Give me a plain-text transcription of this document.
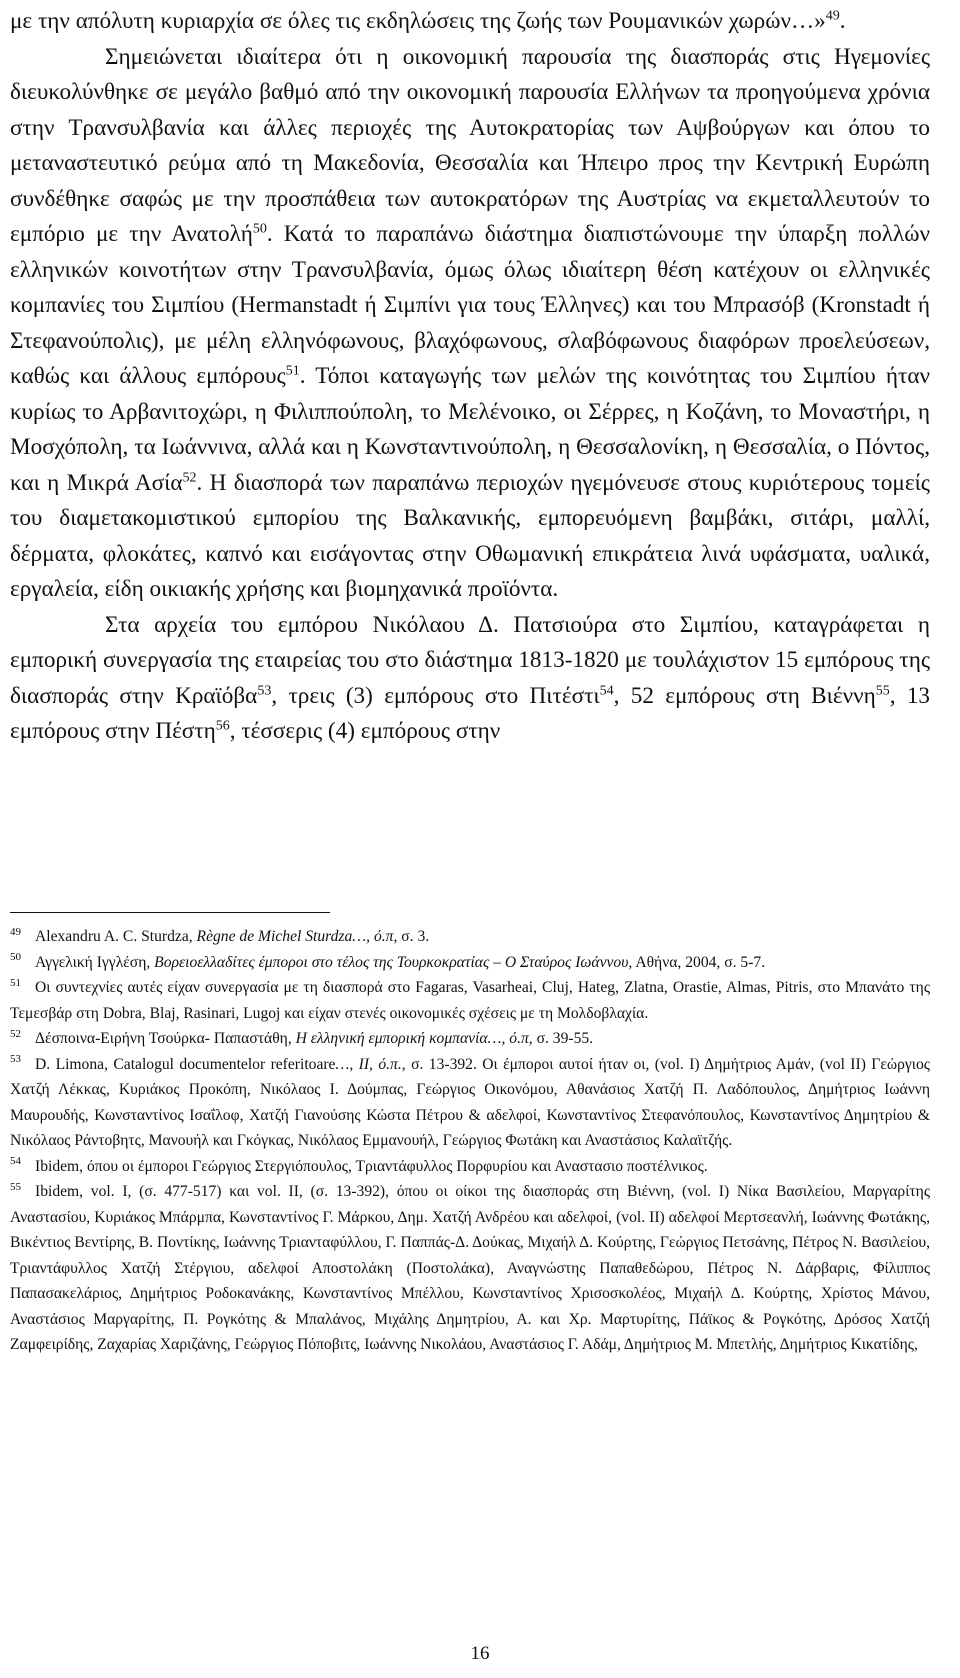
με την απόλυτη κυριαρχία σε όλες τις εκδηλώσεις της ζωής των Ρουμανικών χωρών…»$^{49}$.

Σημειώνεται ιδιαίτερα ότι η οικονομική παρουσία της διασποράς στις Ηγεμονίες διευκολύνθηκε σε μεγάλο βαθμό από την οικονομική παρουσία Ελλήνων τα προηγούμενα χρόνια στην Τρανσυλβανία και άλλες περιοχές της Αυτοκρατορίας των Αψβούργων και όπου το μεταναστευτικό ρεύμα από τη Μακεδονία, Θεσσαλία και Ήπειρο προς την Κεντρική Ευρώπη συνδέθηκε σαφώς με την προσπάθεια των αυτοκρατόρων της Αυστρίας να εκμεταλλευτούν το εμπόριο με την Ανατολή$^{50}$. Κατά το παραπάνω διάστημα διαπιστώνουμε την ύπαρξη πολλών ελληνικών κοινοτήτων στην Τρανσυλβανία, όμως όλως ιδιαίτερη θέση κατέχουν οι ελληνικές κομπανίες του Σιμπίου (Hermanstadt ή Σιμπίνι για τους Έλληνες) και του Μπρασόβ (Kronstadt ή Στεφανούπολις), με μέλη ελληνόφωνους, βλαχόφωνους, σλαβόφωνους διαφόρων προελεύσεων, καθώς και άλλους εμπόρους$^{51}$. Τόποι καταγωγής των μελών της κοινότητας του Σιμπίου ήταν κυρίως το Αρβανιτοχώρι, η Φιλιππούπολη, το Μελένοικο, οι Σέρρες, η Κοζάνη, το Μοναστήρι, η Μοσχόπολη, τα Ιωάννινα, αλλά και η Κωνσταντινούπολη, η Θεσσαλονίκη, η Θεσσαλία, ο Πόντος, και η Μικρά Ασία$^{52}$. Η διασπορά των παραπάνω περιοχών ηγεμόνευσε στους κυριότερους τομείς του διαμετακομιστικού εμπορίου της Βαλκανικής, εμπορευόμενη βαμβάκι, σιτάρι, μαλλί, δέρματα, φλοκάτες, καπνό και εισάγοντας στην Οθωμανική επικράτεια λινά υφάσματα, υαλικά, εργαλεία, είδη οικιακής χρήσης και βιομηχανικά προϊόντα.

Στα αρχεία του εμπόρου Νικόλαου Δ. Πατσιούρα στο Σιμπίου, καταγράφεται η εμπορική συνεργασία της εταιρείας του στο διάστημα 1813-1820 με τουλάχιστον 15 εμπόρους της διασποράς στην Κραϊόβα$^{53}$, τρεις (3) εμπόρους στο Πιτέστι$^{54}$, 52 εμπόρους στη Βιέννη$^{55}$, 13 εμπόρους στην Πέστη$^{56}$, τέσσερις (4) εμπόρους στην

$^{49}$ Alexandru A. C. Sturdza, Règne de Michel Sturdza…, ό.π, σ. 3.

$^{50}$ Αγγελική Ιγγλέση, Βορειοελλαδίτες έμποροι στο τέλος της Τουρκοκρατίας – Ο Σταύρος Ιωάννου, Αθήνα, 2004, σ. 5-7.

$^{51}$ Οι συντεχνίες αυτές είχαν συνεργασία με τη διασπορά στο Fagaras, Vasarheai, Cluj, Hateg, Zlatna, Orastie, Almas, Pitris, στο Μπανάτο της Τεμεσβάρ στη Dobra, Blaj, Rasinari, Lugoj και είχαν στενές οικονομικές σχέσεις με τη Μολδοβλαχία.

$^{52}$ Δέσποινα-Ειρήνη Τσούρκα- Παπαστάθη, Η ελληνική εμπορική κομπανία…, ό.π, σ. 39-55.

$^{53}$ D. Limona, Catalogul documentelor referitoare…, II, ό.π., σ. 13-392. Οι έμποροι αυτοί ήταν οι, (vol. I) Δημήτριος Αμάν, (vol II) Γεώργιος Χατζή Λέκκας, Κυριάκος Προκόπη, Νικόλαος Ι. Δούμπας, Γεώργιος Οικονόμου, Αθανάσιος Χατζή Π. Λαδόπουλος, Δημήτριος Ιωάννη Μαυρουδής, Κωνσταντίνος Ισαΐλοφ, Χατζή Γιανούσης Κώστα Πέτρου & αδελφοί, Κωνσταντίνος Στεφανόπουλος, Κωνσταντίνος Δημητρίου & Νικόλαος Ράντοβητς, Μανουήλ και Γκόγκας, Νικόλαος Εμμανουήλ, Γεώργιος Φωτάκη και Αναστάσιος Καλαϊτζής.

$^{54}$ Ibidem, όπου οι έμποροι Γεώργιος Στεργιόπουλος, Τριαντάφυλλος Πορφυρίου και Αναστασιο ποστέλνικος.

$^{55}$ Ibidem, vol. I, (σ. 477-517) και vol. II, (σ. 13-392), όπου οι οίκοι της διασποράς στη Βιέννη, (vol. I) Νίκα Βασιλείου, Μαργαρίτης Αναστασίου, Κυριάκος Μπάρμπα, Κωνσταντίνος Γ. Μάρκου, Δημ. Χατζή Ανδρέου και αδελφοί, (vol. II) αδελφοί Μερτσεανλή, Ιωάννης Φωτάκης, Βικέντιος Βεντίρης, Β. Ποντίκης, Ιωάννης Τριανταφύλλου, Γ. Παππάς-Δ. Δούκας, Μιχαήλ Δ. Κούρτης, Γεώργιος Πετσάνης, Πέτρος Ν. Βασιλείου, Τριαντάφυλλος Χατζή Στέργιου, αδελφοί Αποστολάκη (Ποστολάκα), Αναγνώστης Παπαθεδώρου, Πέτρος Ν. Δάρβαρις, Φίλιππος Παπασακελάριος, Δημήτριος Ροδοκανάκης, Κωνσταντίνος Μπέλλου, Κωνσταντίνος Χρισοσκολέος, Μιχαήλ Δ. Κούρτης, Χρίστος Μάνου, Αναστάσιος Μαργαρίτης, Π. Ρογκότης & Μπαλάνος, Μιχάλης Δημητρίου, Α. και Χρ. Μαρτυρίτης, Πάϊκος & Ρογκότης, Δρόσος Χατζή Ζαμφειρίδης, Ζαχαρίας Χαριζάνης, Γεώργιος Πόποβιτς, Ιωάννης Νικολάου, Αναστάσιος Γ. Αδάμ, Δημήτριος Μ. Μπετλής, Δημήτριος Κικατίδης,

16
